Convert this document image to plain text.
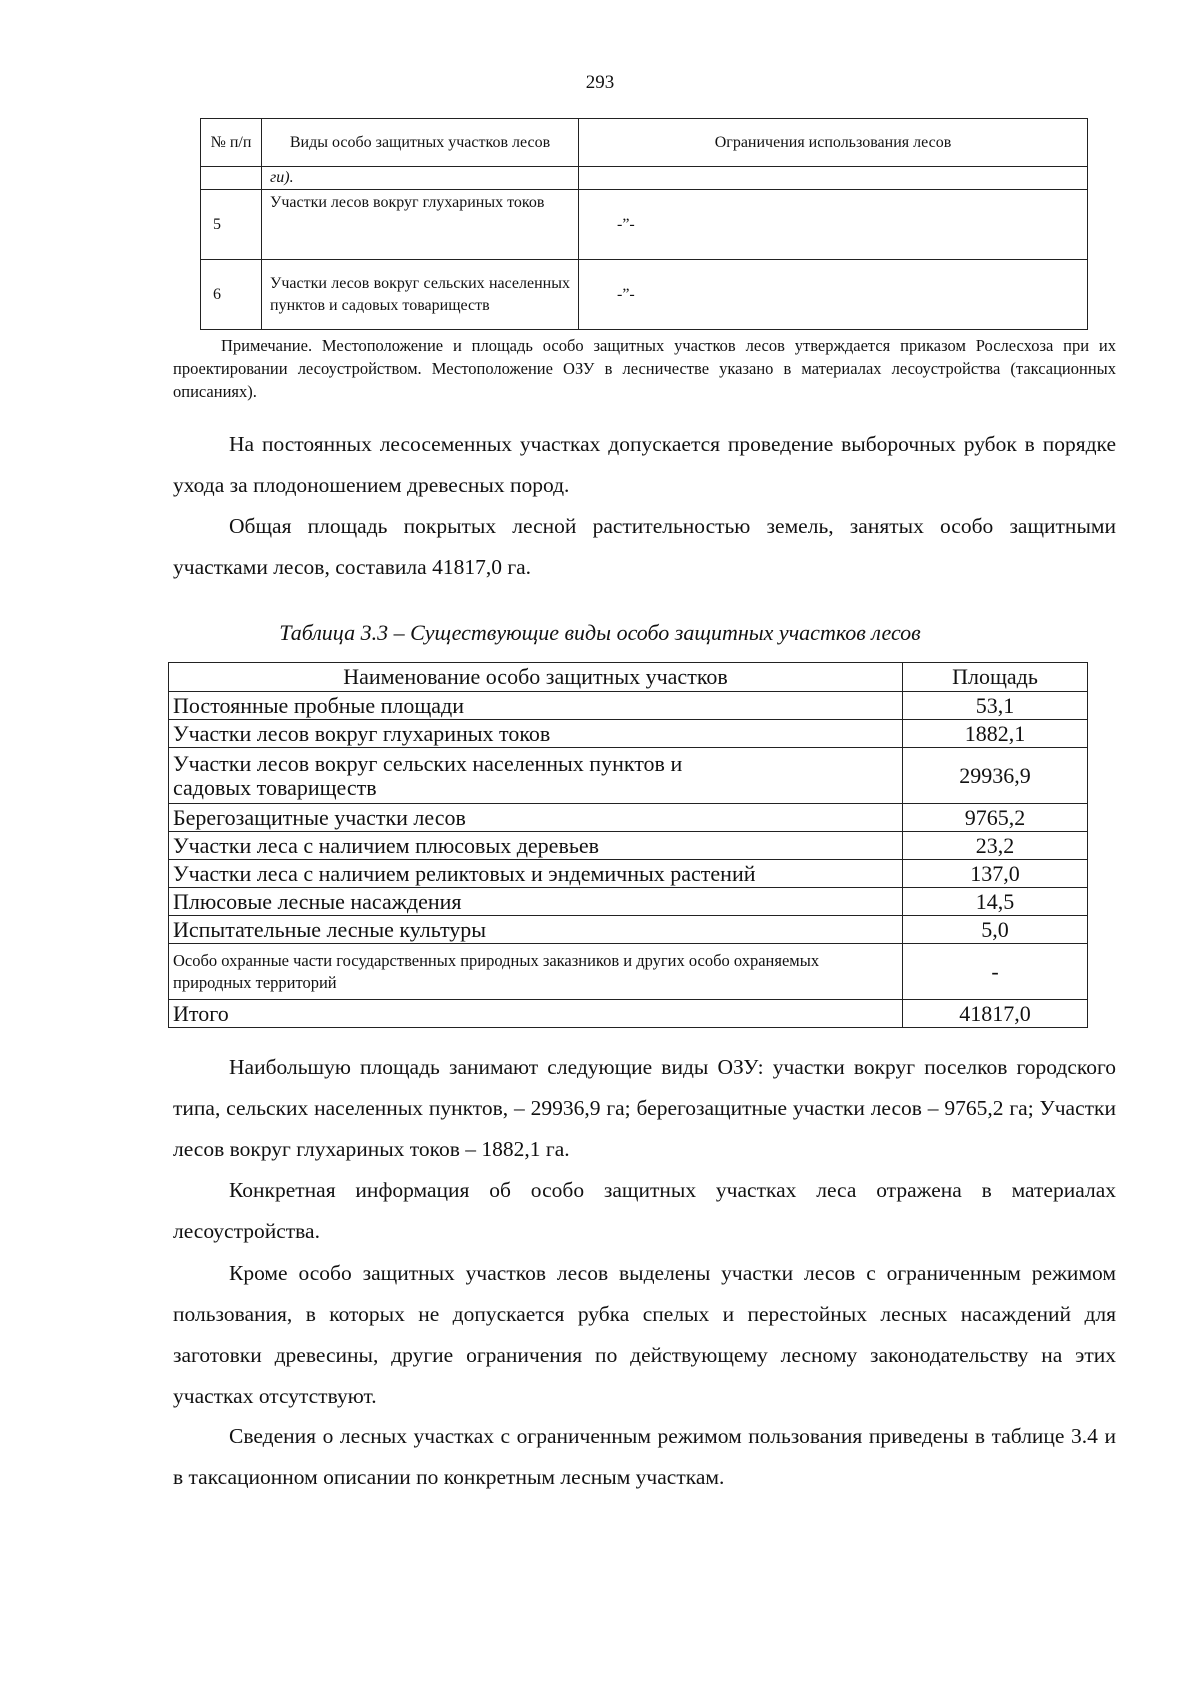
293
№ п/п	Виды особо защитных участков лесов	Ограничения использования лесов
	ги).	
5	Участки лесов вокруг глухариных токов	-”-
6	Участки лесов вокруг сельских населенных пунктов и садовых товариществ	-”-
Примечание. Местоположение и площадь особо защитных участков лесов утверждается приказом Рослесхоза при их проектировании лесоустройством. Местоположение ОЗУ в лесничестве указано в материалах лесоустройства (таксационных описаниях).

На постоянных лесосеменных участках допускается проведение выборочных рубок в порядке ухода за плодоношением древесных пород.

Общая площадь покрытых лесной растительностью земель, занятых особо защитными участками лесов, составила 41817,0 га.

Таблица 3.3 – Существующие виды особо защитных участков лесов
Наименование особо защитных участков	Площадь
Постоянные пробные площади	53,1
Участки лесов вокруг глухариных токов	1882,1
Участки лесов вокруг сельских населенных пунктов и садовых товариществ	29936,9
Берегозащитные участки лесов	9765,2
Участки леса с наличием плюсовых деревьев	23,2
Участки леса с наличием реликтовых и эндемичных растений	137,0
Плюсовые лесные насаждения	14,5
Испытательные лесные культуры	5,0
Особо охранные части государственных природных заказников и других особо охраняемых природных территорий	-
Итого	41817,0

Наибольшую площадь занимают следующие виды ОЗУ: участки вокруг поселков городского типа, сельских населенных пунктов, – 29936,9 га; берегозащитные участки лесов – 9765,2 га; Участки лесов вокруг глухариных токов – 1882,1 га.

Конкретная информация об особо защитных участках леса отражена в материалах лесоустройства.

Кроме особо защитных участков лесов выделены участки лесов с ограниченным режимом пользования, в которых не допускается рубка спелых и перестойных лесных насаждений для заготовки древесины, другие ограничения по действующему лесному законодательству на этих участках отсутствуют.

Сведения о лесных участках с ограниченным режимом пользования приведены в таблице 3.4 и в таксационном описании по конкретным лесным участкам.
